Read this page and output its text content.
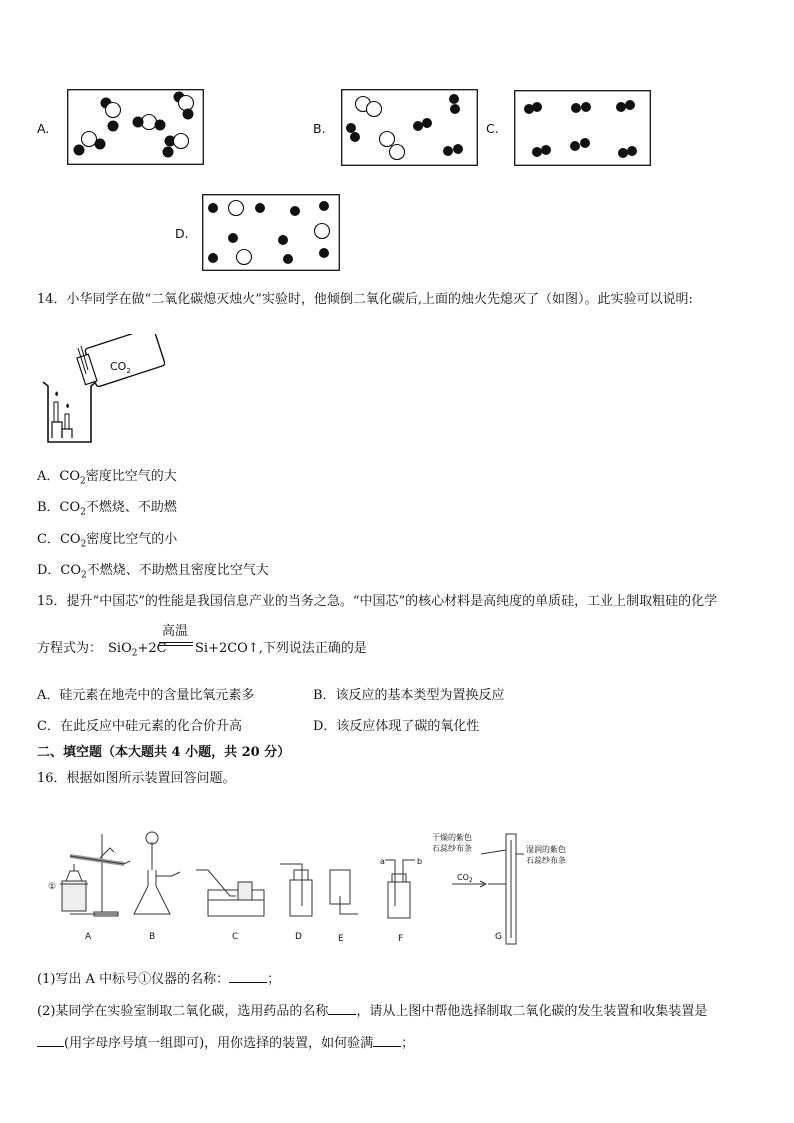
A.	B.	C.
D.
14．小华同学在做“二氧化碳熄灭烛火”实验时，他倾倒二氧化碳后,上面的烛火先熄灭了（如图）。此实验可以说明:
$CO_2$
A．$CO_2$密度比空气的大
B．$CO_2$不燃烧、不助燃
C．$CO_2$密度比空气的小
D．$CO_2$不燃烧、不助燃且密度比空气大
15．提升“中国芯”的性能是我国信息产业的当务之急。“中国芯”的核心材料是高纯度的单质硅，工业上制取粗硅的化学
方程式为： SiO$_2$+2C
高温
Si+2CO↑,下列说法正确的是
A．硅元素在地壳中的含量比氧元素多	B．该反应的基本类型为置换反应
C．在此反应中硅元素的化合价升高	D．该反应体现了碳的氧化性
二、填空题（本大题共 4 小题，共 20 分）
16．根据如图所示装置回答问题。
①
A	B	C	D	E	F	G
a	b
干燥的紫色
石蕊纱布条	湿润的紫色
石蕊纱布条
$CO_2$
(1)写出 A 中标号①仪器的名称：	；
(2)某同学在实验室制取二氧化碳，选用药品的名称 ，请从上图中帮他选择制取二氧化碳的发生装置和收集装置是
(用字母序号填一组即可)，用你选择的装置，如何验满 ；
